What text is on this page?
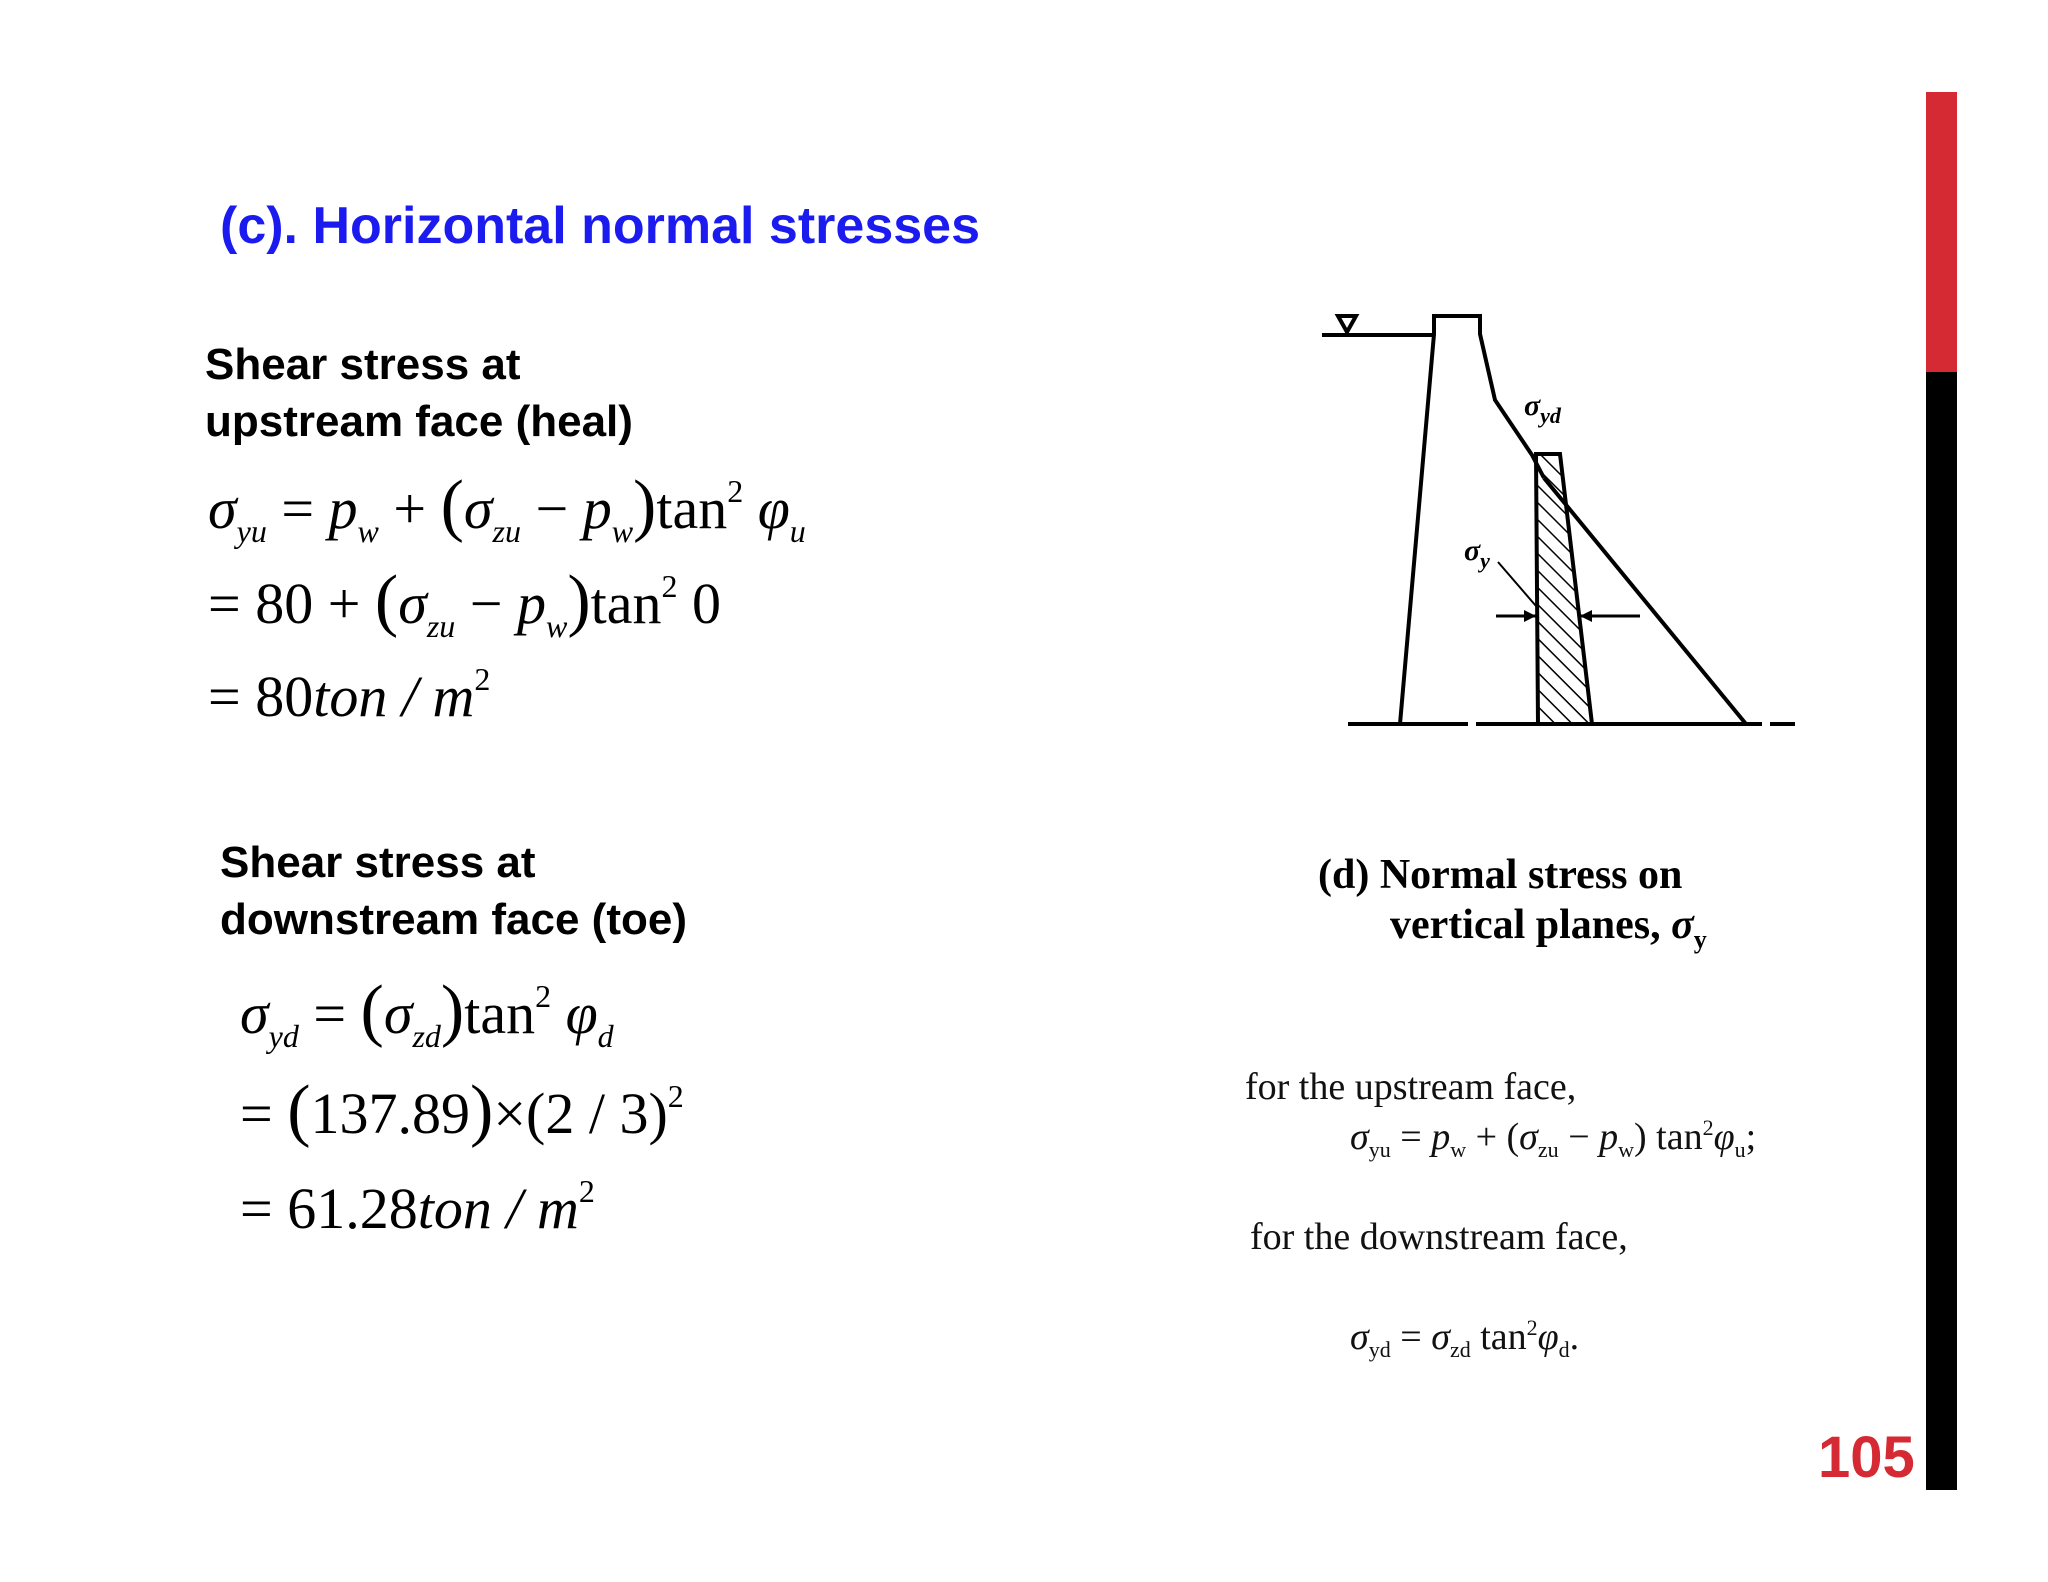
(c). Horizontal normal stresses
Shear stress at
upstream face (heal)
$\sigma_{yu} = p_w + (\sigma_{zu} - p_w)\tan^2$ $\varphi_u$
= $80 + (\sigma_{zu} - p_w)\tan^2$ 0
= $80ton / m^2$
Shear stress at
downstream face (toe)
$\sigma_{yd} = (\sigma_{zd})\tan^2$ $\varphi_d$
= (137.89)×(2 / 3)$^2$
= $61.28ton / m^2$
$\sigma_{yd}$
$\sigma_y$
(d) Normal stress on
vertical planes, $\sigma_y$
for the upstream face,
$\sigma_{yu} = p_w + (\sigma_{zu} - p_w)$ $\tan^2\varphi_u$;
for the downstream face,
$\sigma_{yd} = \sigma_{zd}$ $\tan^2\varphi_d$.
105
